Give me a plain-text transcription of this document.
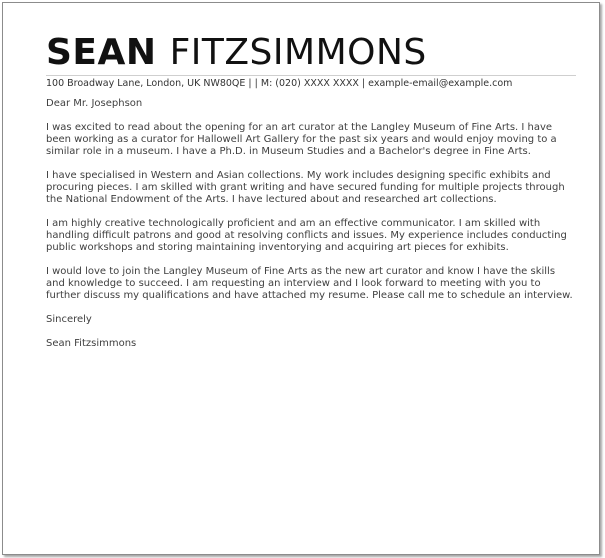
SEAN FITZSIMMONS
100 Broadway Lane, London, UK NW80QE | | M: (020) XXXX XXXX | example-email@example.com

Dear Mr. Josephson

I was excited to read about the opening for an art curator at the Langley Museum of Fine Arts. I have been working as a curator for Hallowell Art Gallery for the past six years and would enjoy moving to a similar role in a museum. I have a Ph.D. in Museum Studies and a Bachelor's degree in Fine Arts.

I have specialised in Western and Asian collections. My work includes designing specific exhibits and procuring pieces. I am skilled with grant writing and have secured funding for multiple projects through the National Endowment of the Arts. I have lectured about and researched art collections.

I am highly creative technologically proficient and am an effective communicator. I am skilled with handling difficult patrons and good at resolving conflicts and issues. My experience includes conducting public workshops and storing maintaining inventorying and acquiring art pieces for exhibits.

I would love to join the Langley Museum of Fine Arts as the new art curator and know I have the skills and knowledge to succeed. I am requesting an interview and I look forward to meeting with you to further discuss my qualifications and have attached my resume. Please call me to schedule an interview.

Sincerely

Sean Fitzsimmons
